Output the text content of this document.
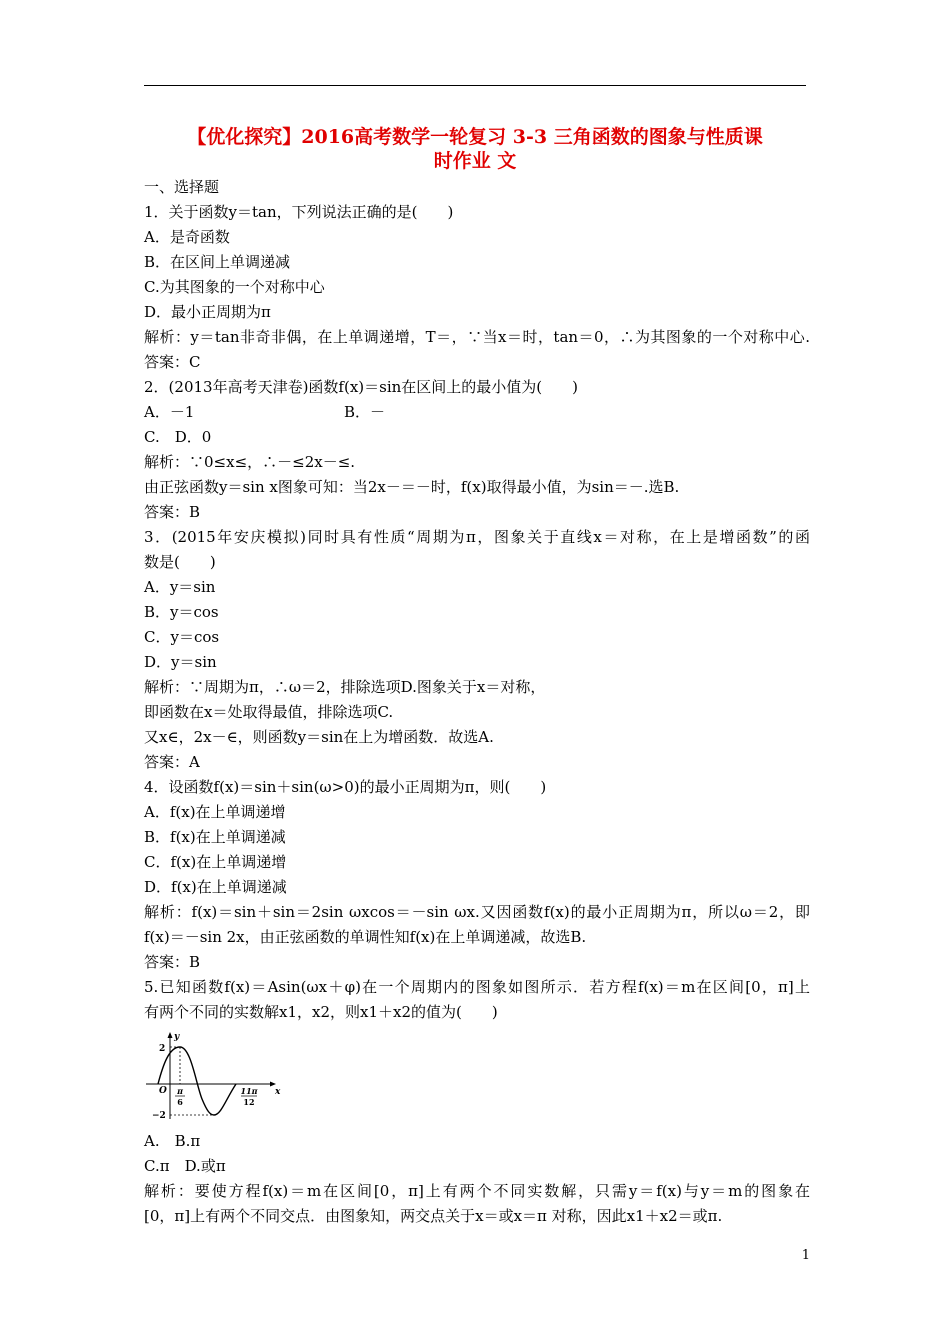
【优化探究】2016高考数学一轮复习 3-3 三角函数的图象与性质课
时作业 文
一、选择题
1．关于函数y＝tan，下列说法正确的是(　　)
A．是奇函数
B．在区间上单调递减
C.为其图象的一个对称中心
D．最小正周期为π
解析：y＝tan非奇非偶，在上单调递增，T＝，∵当x＝时，tan＝0，∴为其图象的一个对称中心.
答案：C
2．(2013年高考天津卷)函数f(x)＝sin在区间上的最小值为(　　)
A．－1	B．－
C.　D．0
解析：∵0≤x≤，∴－≤2x－≤.
由正弦函数y＝sin x图象可知：当2x－＝－时，f(x)取得最小值，为sin＝－.选B.
答案：B
3．(2015年安庆模拟)同时具有性质“周期为π，图象关于直线x＝对称，在上是增函数”的函
数是(　　)
A．y＝sin
B．y＝cos
C．y＝cos
D．y＝sin
解析：∵周期为π，∴ω＝2，排除选项D.图象关于x＝对称，
即函数在x＝处取得最值，排除选项C.
又x∈，2x－∈，则函数y＝sin在上为增函数．故选A.
答案：A
4．设函数f(x)＝sin＋sin(ω>0)的最小正周期为π，则(　　)
A．f(x)在上单调递增
B．f(x)在上单调递减
C．f(x)在上单调递增
D．f(x)在上单调递减
解析：f(x)＝sin＋sin＝2sin ωxcos＝－sin ωx.又因函数f(x)的最小正周期为π，所以ω＝2，即
f(x)＝－sin 2x，由正弦函数的单调性知f(x)在上单调递减，故选B.
答案：B
5.已知函数f(x)＝Asin(ωx＋φ)在一个周期内的图象如图所示．若方程f(x)＝m在区间[0，π]上
有两个不同的实数解x1，x2，则x1＋x2的值为(　　)
y
x
O
2
−2
π
6
11π
12
A.　B.π
C.π　D.或π
解析：要使方程f(x)＝m在区间[0，π]上有两个不同实数解，只需y＝f(x)与y＝m的图象在
[0，π]上有两个不同交点．由图象知，两交点关于x＝或x＝π 对称，因此x1＋x2＝或π.
1
